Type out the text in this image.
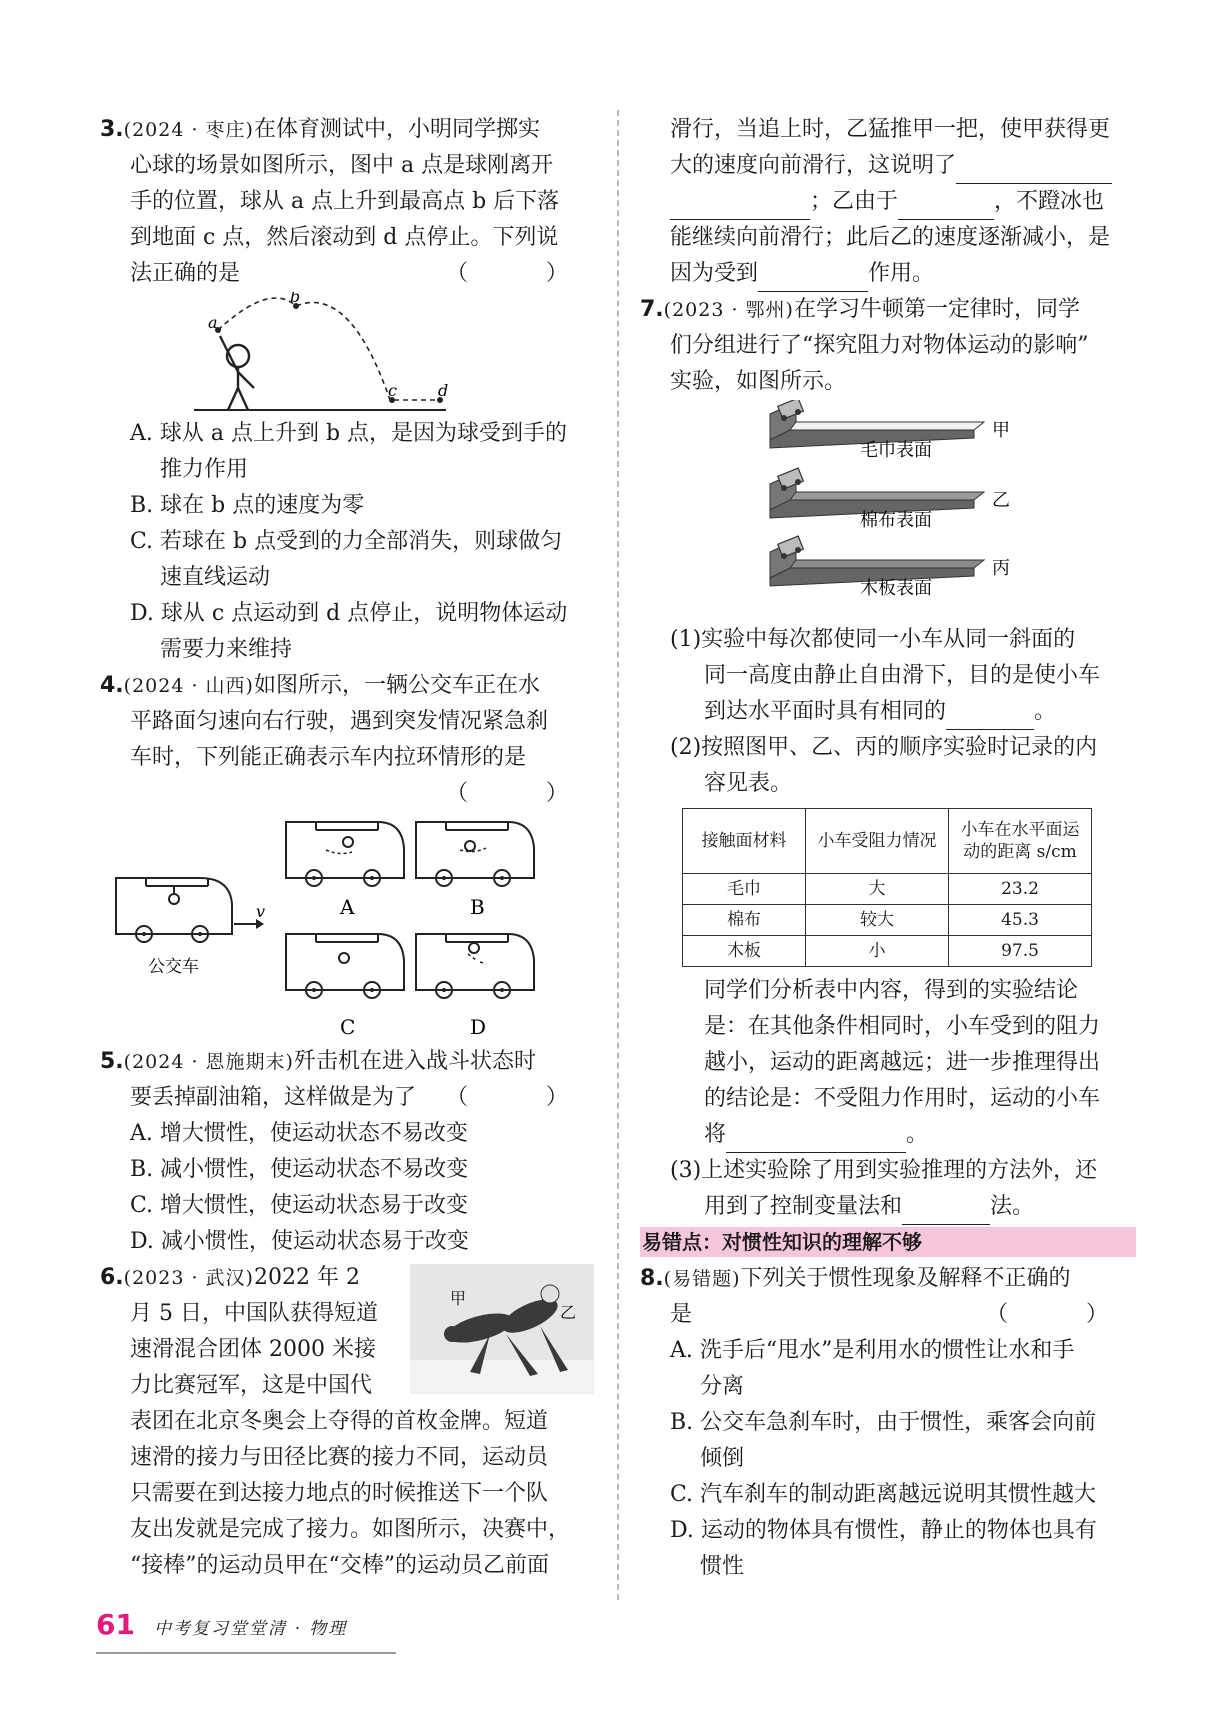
3.(2024 · 枣庄)在体育测试中，小明同学掷实
心球的场景如图所示，图中 a 点是球刚离开
手的位置，球从 a 点上升到最高点 b 后下落
到地面 c 点，然后滚动到 d 点停止。下列说
法正确的是	（　）
a
b
c	d
A. 球从 a 点上升到 b 点，是因为球受到手的
推力作用
B. 球在 b 点的速度为零
C. 若球在 b 点受到的力全部消失，则球做匀
速直线运动
D. 球从 c 点运动到 d 点停止，说明物体运动
需要力来维持
4.(2024 · 山西)如图所示，一辆公交车正在水
平路面匀速向右行驶，遇到突发情况紧急刹
车时，下列能正确表示车内拉环情形的是
（　）
v
公交车
A	B
C	D
5.(2024 · 恩施期末)歼击机在进入战斗状态时
要丢掉副油箱，这样做是为了 （　）
A. 增大惯性，使运动状态不易改变
B. 减小惯性，使运动状态不易改变
C. 增大惯性，使运动状态易于改变
D. 减小惯性，使运动状态易于改变
甲
乙
6.(2023 · 武汉)2022 年 2
月 5 日，中国队获得短道
速滑混合团体 2000 米接
力比赛冠军，这是中国代
表团在北京冬奥会上夺得的首枚金牌。短道
速滑的接力与田径比赛的接力不同，运动员
只需要在到达接力地点的时候推送下一个队
友出发就是完成了接力。如图所示，决赛中，
“接棒”的运动员甲在“交棒”的运动员乙前面
滑行，当追上时，乙猛推甲一把，使甲获得更
大的速度向前滑行，这说明了
；乙由于	，不蹬冰也
能继续向前滑行；此后乙的速度逐渐减小，是
因为受到	作用。
7.(2023 · 鄂州)在学习牛顿第一定律时，同学
们分组进行了“探究阻力对物体运动的影响”
实验，如图所示。
毛巾表面
甲
棉布表面
乙
木板表面
丙
(1)实验中每次都使同一小车从同一斜面的
同一高度由静止自由滑下，目的是使小车
到达水平面时具有相同的	。
(2)按照图甲、乙、丙的顺序实验时记录的内
容见表。
接触面材料	小车受阻力情况	小车在水平面运动的距离 s/cm
毛巾	大	23.2
棉布	较大	45.3
木板	小	97.5
同学们分析表中内容，得到的实验结论
是：在其他条件相同时，小车受到的阻力
越小，运动的距离越远；进一步推理得出
的结论是：不受阻力作用时，运动的小车
将	。
(3)上述实验除了用到实验推理的方法外，还
用到了控制变量法和	法。
易错点：对惯性知识的理解不够
8.(易错题)下列关于惯性现象及解释不正确的
是	（　）
A. 洗手后“甩水”是利用水的惯性让水和手
分离
B. 公交车急刹车时，由于惯性，乘客会向前
倾倒
C. 汽车刹车的制动距离越远说明其惯性越大
D. 运动的物体具有惯性，静止的物体也具有
惯性
61 中考复习堂堂清 · 物理
